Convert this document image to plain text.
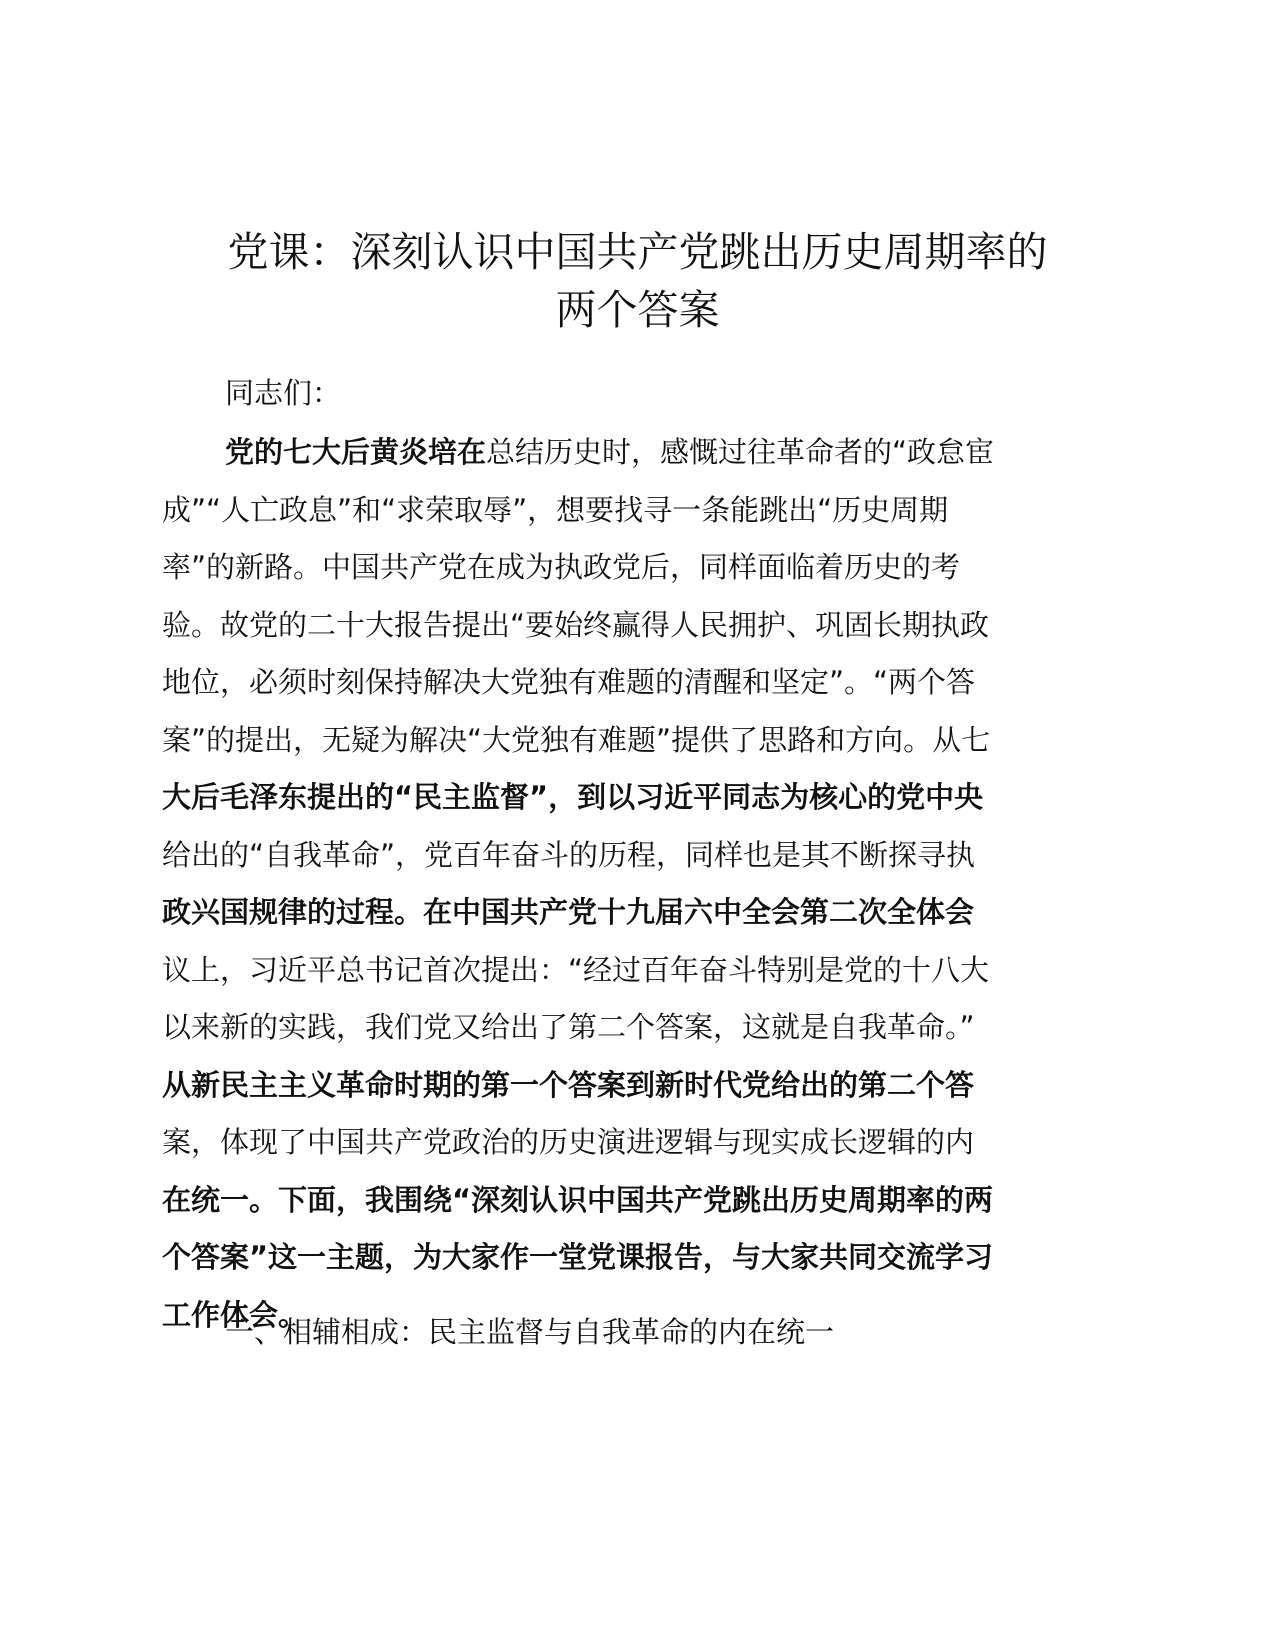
党课：深刻认识中国共产党跳出历史周期率的
两个答案
同志们：
党的七大后黄炎培在总结历史时，感慨过往革命者的“政怠宦
成”“人亡政息”和“求荣取辱”，想要找寻一条能跳出“历史周期
率”的新路。中国共产党在成为执政党后，同样面临着历史的考
验。故党的二十大报告提出“要始终赢得人民拥护、巩固长期执政
地位，必须时刻保持解决大党独有难题的清醒和坚定”。“两个答
案”的提出，无疑为解决“大党独有难题”提供了思路和方向。从七
大后毛泽东提出的“民主监督”，到以习近平同志为核心的党中央
给出的“自我革命”，党百年奋斗的历程，同样也是其不断探寻执
政兴国规律的过程。在中国共产党十九届六中全会第二次全体会
议上，习近平总书记首次提出：“经过百年奋斗特别是党的十八大
以来新的实践，我们党又给出了第二个答案，这就是自我革命。”
从新民主主义革命时期的第一个答案到新时代党给出的第二个答
案，体现了中国共产党政治的历史演进逻辑与现实成长逻辑的内
在统一。下面，我围绕“深刻认识中国共产党跳出历史周期率的两
个答案”这一主题，为大家作一堂党课报告，与大家共同交流学习
工作体会。
一、相辅相成：民主监督与自我革命的内在统一
